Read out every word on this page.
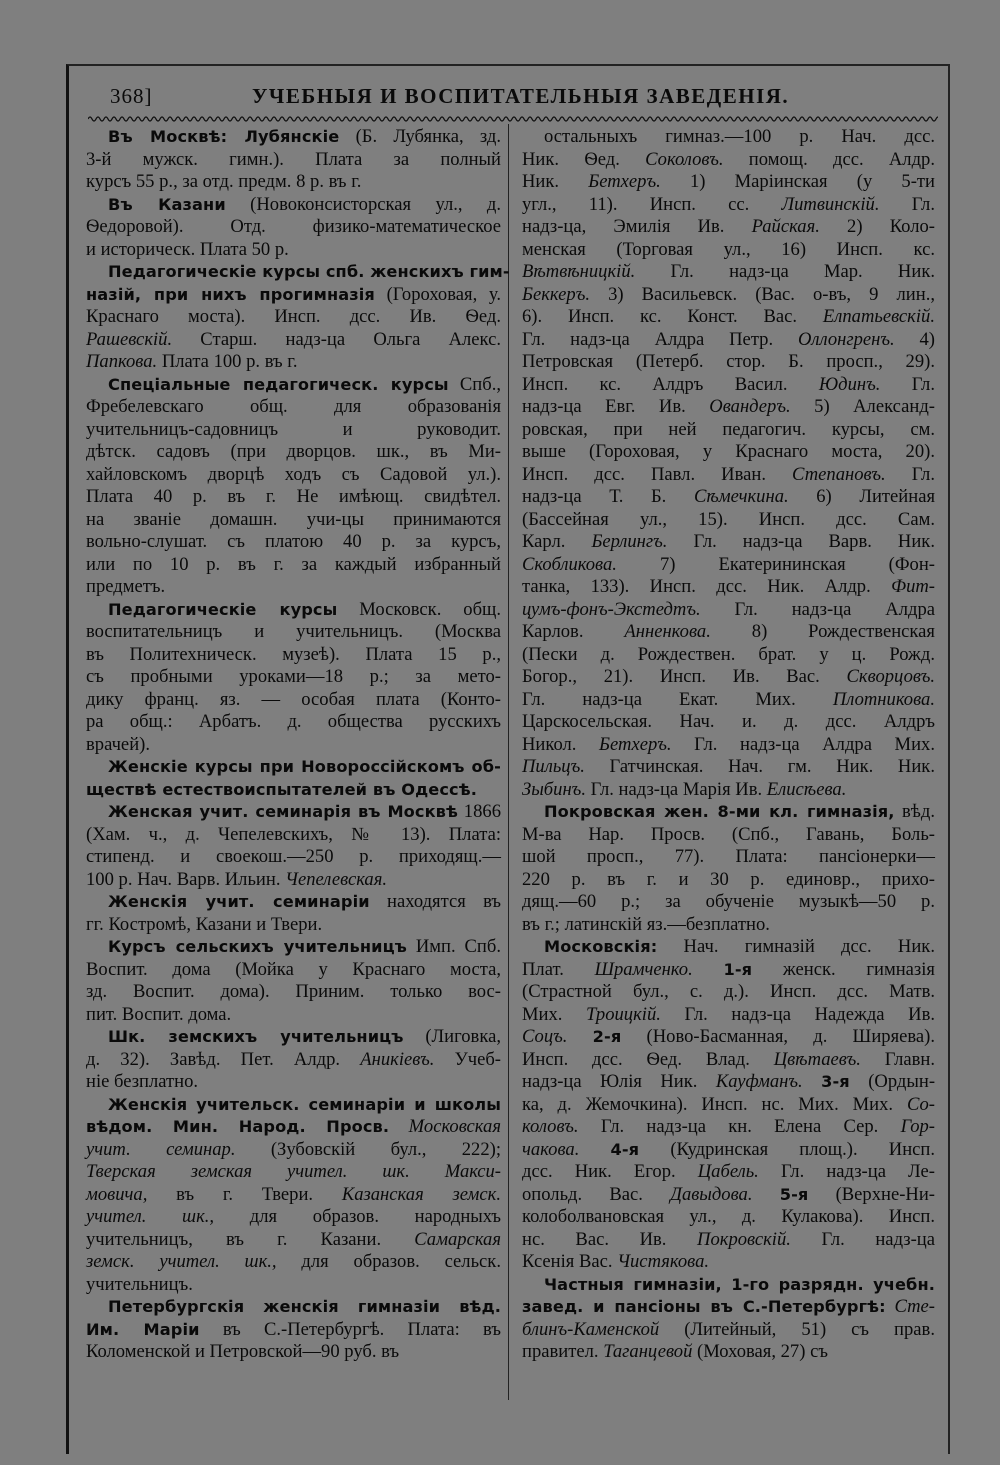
368]	УЧЕБНЫЯ И ВОСПИТАТЕЛЬНЫЯ ЗАВЕДЕНІЯ.
Въ Москвѣ: Лубянскіе (Б. Лубянка, зд.
3-й мужск. гимн.). Плата за полный
курсъ 55 р., за отд. предм. 8 р. въ г.
Въ Казани (Новоконсисторская ул., д.
Ѳедоровой). Отд. физико-математическое
и историческ. Плата 50 р.
Педагогическіе курсы спб. женскихъ гим-
назій, при нихъ прогимназія (Гороховая, у.
Краснаго моста). Инсп. дсс. Ив. Ѳед.
Рашевскій. Старш. надз-ца Ольга Алекс.
Папкова. Плата 100 р. въ г.
Спеціальные педагогическ. курсы Спб.,
Фребелевскаго общ. для образованія
учительницъ-садовницъ и руководит.
дѣтск. садовъ (при дворцов. шк., въ Ми-
хайловскомъ дворцѣ ходъ съ Садовой ул.).
Плата 40 р. въ г. Не имѣющ. свидѣтел.
на званіе домашн. учи-цы принимаются
вольно-слушат. съ платою 40 р. за курсъ,
или по 10 р. въ г. за каждый избранный
предметъ.
Педагогическіе курсы Московск. общ.
воспитательницъ и учительницъ. (Москва
въ Политехническ. музеѣ). Плата 15 р.,
съ пробными уроками—18 р.; за мето-
дику франц. яз. — особая плата (Конто-
ра общ.: Арбатъ. д. общества русскихъ
врачей).
Женскіе курсы при Новороссійскомъ об-
ществѣ естествоиспытателей въ Одессѣ.
Женская учит. семинарія въ Москвѣ 1866
(Хам. ч., д. Чепелевскихъ, № 13). Плата:
стипенд. и своекош.—250 р. приходящ.—
100 р. Нач. Варв. Ильин. Чепелевская.
Женскія учит. семинаріи находятся въ
гг. Костромѣ, Казани и Твери.
Курсъ сельскихъ учительницъ Имп. Спб.
Воспит. дома (Мойка у Краснаго моста,
зд. Воспит. дома). Приним. только вос-
пит. Воспит. дома.
Шк. земскихъ учительницъ (Лиговка,
д. 32). Завѣд. Пет. Алдр. Аникіевъ. Учеб-
ніе безплатно.
Женскія учительск. семинаріи и школы
вѣдом. Мин. Народ. Просв. Московская
учит. семинар. (Зубовскій бул., 222);
Тверская земская учител. шк. Макси-
мовича, въ г. Твери. Казанская земск.
учител. шк., для образов. народныхъ
учительницъ, въ г. Казани. Самарская
земск. учител. шк., для образов. сельск.
учительницъ.
Петербургскія женскія гимназіи вѣд.
Им. Маріи въ С.-Петербургѣ. Плата: въ
Коломенской и Петровской—90 руб. въ
остальныхъ гимназ.—100 р. Нач. дсс.
Ник. Ѳед. Соколовъ. помощ. дсс. Алдр.
Ник. Бетхеръ. 1) Маріинская (у 5-ти
угл., 11). Инсп. сс. Литвинскій. Гл.
надз-ца, Эмилія Ив. Райская. 2) Коло-
менская (Торговая ул., 16) Инсп. кс.
Вѣтвѣницкій. Гл. надз-ца Мар. Ник.
Беккеръ. 3) Васильевск. (Вас. о-въ, 9 лин.,
6). Инсп. кс. Конст. Вас. Елпатьевскій.
Гл. надз-ца Алдра Петр. Оллонгренъ. 4)
Петровская (Петерб. стор. Б. просп., 29).
Инсп. кс. Алдръ Васил. Юдинъ. Гл.
надз-ца Евг. Ив. Овандеръ. 5) Александ-
ровская, при ней педагогич. курсы, см.
выше (Гороховая, у Краснаго моста, 20).
Инсп. дсс. Павл. Иван. Степановъ. Гл.
надз-ца Т. Б. Сѣмечкина. 6) Литейная
(Бассейная ул., 15). Инсп. дсс. Сам.
Карл. Берлингъ. Гл. надз-ца Варв. Ник.
Скобликова. 7) Екатерининская (Фон-
танка, 133). Инсп. дсс. Ник. Алдр. Фит-
цумъ-фонъ-Экстедтъ. Гл. надз-ца Алдра
Карлов. Анненкова. 8) Рождественская
(Пески д. Рождествен. брат. у ц. Рожд.
Богор., 21). Инсп. Ив. Вас. Скворцовъ.
Гл. надз-ца Екат. Мих. Плотникова.
Царскосельская. Нач. и. д. дсс. Алдръ
Никол. Бетхеръ. Гл. надз-ца Алдра Мих.
Пильцъ. Гатчинская. Нач. гм. Ник. Ник.
Зыбинъ. Гл. надз-ца Марія Ив. Елисѣева.
Покровская жен. 8-ми кл. гимназія, вѣд.
М-ва Нар. Просв. (Спб., Гавань, Боль-
шой просп., 77). Плата: пансіонерки—
220 р. въ г. и 30 р. единовр., прихо-
дящ.—60 р.; за обученіе музыкѣ—50 р.
въ г.; латинскій яз.—безплатно.
Московскія: Нач. гимназій дсс. Ник.
Плат. Шрамченко. 1-я женск. гимназія
(Страстной бул., с. д.). Инсп. дсс. Матв.
Мих. Троицкій. Гл. надз-ца Надежда Ив.
Соцъ. 2-я (Ново-Басманная, д. Ширяева).
Инсп. дсс. Ѳед. Влад. Цвѣтаевъ. Главн.
надз-ца Юлія Ник. Кауфманъ. 3-я (Ордын-
ка, д. Жемочкина). Инсп. нс. Мих. Мих. Со-
коловъ. Гл. надз-ца кн. Елена Сер. Гор-
чакова. 4-я (Кудринская площ.). Инсп.
дсс. Ник. Егор. Цабель. Гл. надз-ца Ле-
опольд. Вас. Давыдова. 5-я (Верхне-Ни-
колоболвановская ул., д. Кулакова). Инсп.
нс. Вас. Ив. Покровскій. Гл. надз-ца
Ксенія Вас. Чистякова.
Частныя гимназіи, 1-го разрядн. учебн.
завед. и пансіоны въ С.-Петербургѣ: Сте-
блинъ-Каменской (Литейный, 51) съ прав.
правител. Таганцевой (Моховая, 27) съ
